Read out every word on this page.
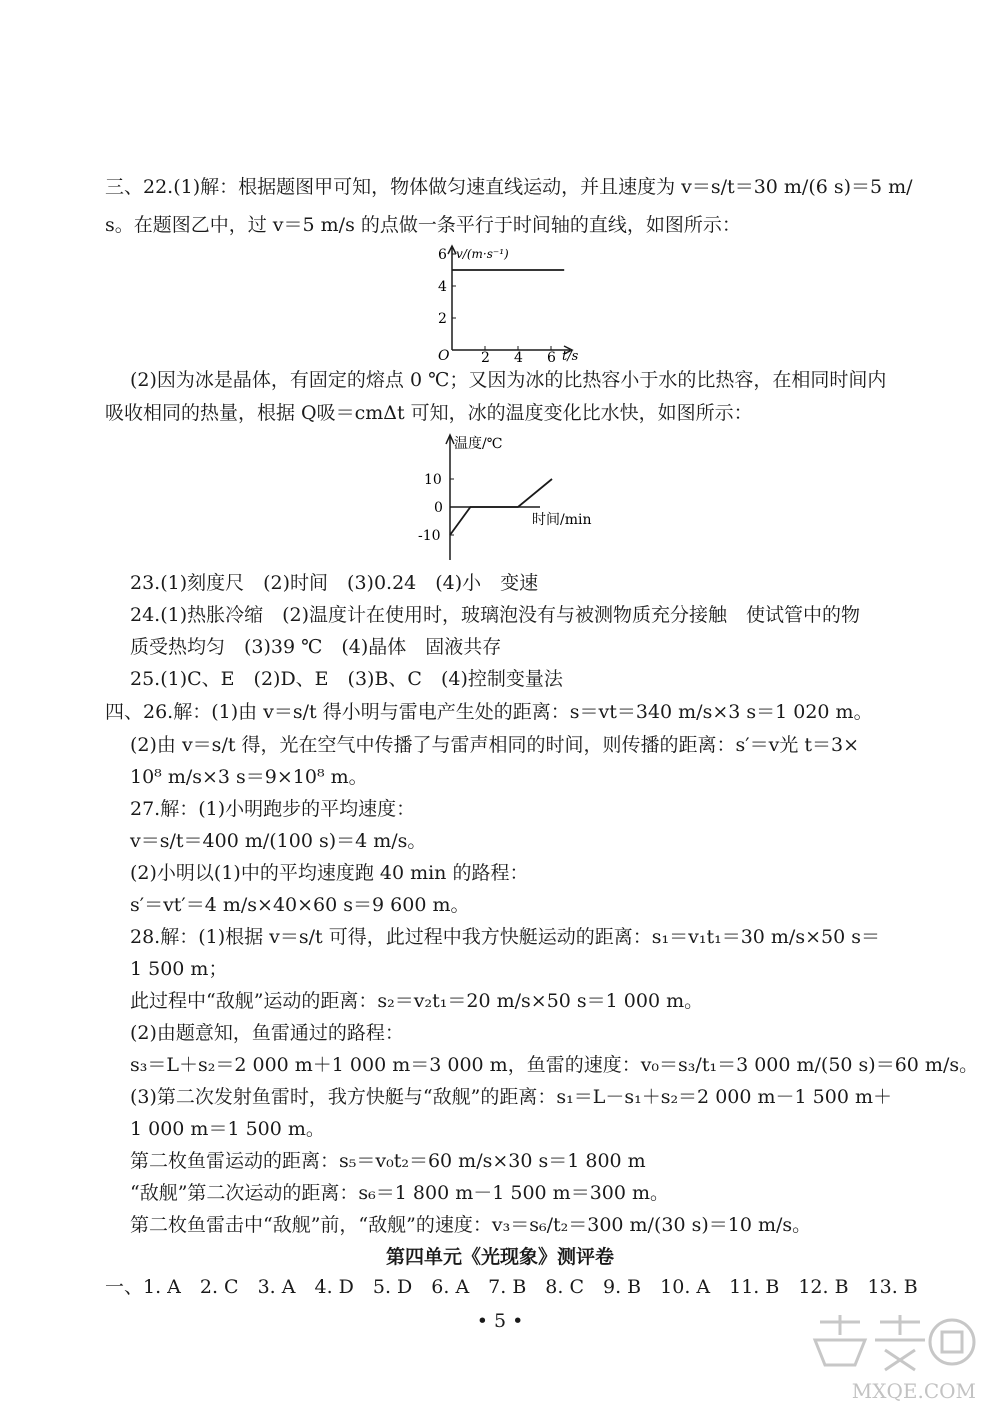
三、22.(1)解：根据题图甲可知，物体做匀速直线运动，并且速度为 v＝s/t＝30 m/(6 s)＝5 m/
s。在题图乙中，过 v＝5 m/s 的点做一条平行于时间轴的直线，如图所示：
v/(m·s⁻¹)
t/s
O
2
4
6
2 4 6
(2)因为冰是晶体，有固定的熔点 0 ℃；又因为冰的比热容小于水的比热容，在相同时间内
吸收相同的热量，根据 Q吸＝cmΔt 可知，冰的温度变化比水快，如图所示：
温度/℃
时间/min
10
0
-10
23.(1)刻度尺　(2)时间　(3)0.24　(4)小　变速
24.(1)热胀冷缩　(2)温度计在使用时，玻璃泡没有与被测物质充分接触　使试管中的物
质受热均匀　(3)39 ℃　(4)晶体　固液共存
25.(1)C、E　(2)D、E　(3)B、C　(4)控制变量法
四、26.解：(1)由 v＝s/t 得小明与雷电产生处的距离：s＝vt＝340 m/s×3 s＝1 020 m。
(2)由 v＝s/t 得，光在空气中传播了与雷声相同的时间，则传播的距离：s′＝v光 t＝3×
10⁸ m/s×3 s＝9×10⁸ m。
27.解：(1)小明跑步的平均速度：
v＝s/t＝400 m/(100 s)＝4 m/s。
(2)小明以(1)中的平均速度跑 40 min 的路程：
s′＝vt′＝4 m/s×40×60 s＝9 600 m。
28.解：(1)根据 v＝s/t 可得，此过程中我方快艇运动的距离：s₁＝v₁t₁＝30 m/s×50 s＝
1 500 m；
此过程中“敌舰”运动的距离：s₂＝v₂t₁＝20 m/s×50 s＝1 000 m。
(2)由题意知，鱼雷通过的路程：
s₃＝L＋s₂＝2 000 m＋1 000 m＝3 000 m，鱼雷的速度：v₀＝s₃/t₁＝3 000 m/(50 s)＝60 m/s。
(3)第二次发射鱼雷时，我方快艇与“敌舰”的距离：s₁＝L－s₁＋s₂＝2 000 m－1 500 m＋
1 000 m＝1 500 m。
第二枚鱼雷运动的距离：s₅＝v₀t₂＝60 m/s×30 s＝1 800 m
“敌舰”第二次运动的距离：s₆＝1 800 m－1 500 m＝300 m。
第二枚鱼雷击中“敌舰”前，“敌舰”的速度：v₃＝s₆/t₂＝300 m/(30 s)＝10 m/s。
第四单元《光现象》测评卷
一、1. A　2. C　3. A　4. D　5. D　6. A　7. B　8. C　9. B　10. A　11. B　12. B　13. B
• 5 •
MXQE.COM
